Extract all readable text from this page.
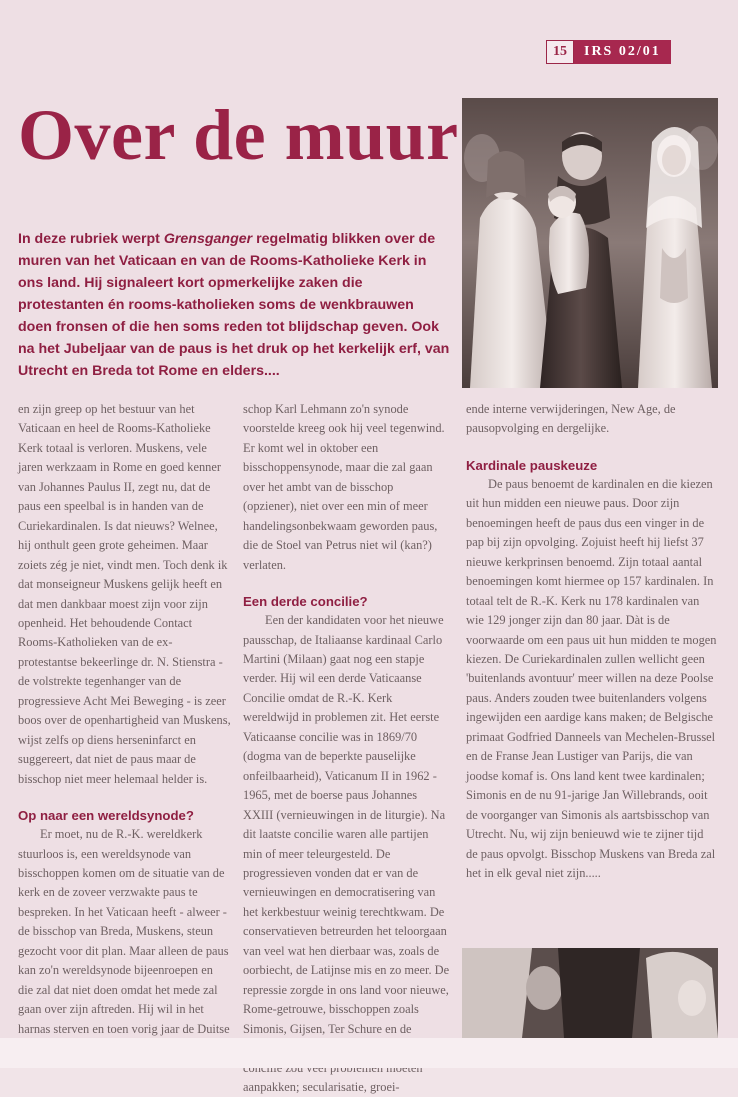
15	IRS 02/01
Over de muur

In deze rubriek werpt Grensganger regelmatig blikken over de muren van het Vaticaan en van de Rooms-Katholieke Kerk in ons land. Hij signaleert kort opmerkelijke zaken die protestanten én rooms-katholieken soms de wenkbrauwen doen fronsen of die hen soms reden tot blijdschap geven. Ook na het Jubeljaar van de paus is het druk op het kerkelijk erf, van Utrecht en Breda tot Rome en elders....

en zijn greep op het bestuur van het Vaticaan en heel de Rooms-Katholieke Kerk totaal is verloren. Muskens, vele jaren werkzaam in Rome en goed kenner van Johannes Paulus II, zegt nu, dat de paus een speelbal is in handen van de Curiekardinalen. Is dat nieuws? Welnee, hij onthult geen grote geheimen. Maar zoiets zég je niet, vindt men. Toch denk ik dat monseigneur Muskens gelijk heeft en dat men dankbaar moest zijn voor zijn openheid. Het behoudende Contact Rooms-Katholieken van de ex-protestantse bekeerlinge dr. N. Stienstra - de volstrekte tegenhanger van de progressieve Acht Mei Beweging - is zeer boos over de openhartigheid van Muskens, wijst zelfs op diens herseninfarct en suggereert, dat niet de paus maar de bisschop niet meer helemaal helder is.

Op naar een wereldsynode?

Er moet, nu de R.-K. wereldkerk stuurloos is, een wereldsynode van bisschoppen komen om de situatie van de kerk en de zoveer verzwakte paus te bespreken. In het Vaticaan heeft - alweer - de bisschop van Breda, Muskens, steun gezocht voor dit plan. Maar alleen de paus kan zo'n wereldsynode bijeenroepen en die zal dat niet doen omdat het mede zal gaan over zijn aftreden. Hij wil in het harnas sterven en toen vorig jaar de Duitse

schop Karl Lehmann zo'n synode voorstelde kreeg ook hij veel tegenwind. Er komt wel in oktober een bisschoppensynode, maar die zal gaan over het ambt van de bisschop (opziener), niet over een min of meer handelingsonbekwaam geworden paus, die de Stoel van Petrus niet wil (kan?) verlaten.

Een derde concilie?

Een der kandidaten voor het nieuwe pausschap, de Italiaanse kardinaal Carlo Martini (Milaan) gaat nog een stapje verder. Hij wil een derde Vaticaanse Concilie omdat de R.-K. Kerk wereldwijd in problemen zit. Het eerste Vaticaanse concilie was in 1869/70 (dogma van de beperkte pauselijke onfeilbaarheid), Vaticanum II in 1962 - 1965, met de boerse paus Johannes XXIII (vernieuwingen in de liturgie). Na dit laatste concilie waren alle partijen min of meer teleurgesteld. De progressieven vonden dat er van de vernieuwingen en democratisering van het kerkbestuur weinig terechtkwam. De conservatieven betreurden het teloorgaan van veel wat hen dierbaar was, zoals de oorbiecht, de Latijnse mis en zo meer. De repressie zorgde in ons land voor nieuwe, Rome-getrouwe, bisschoppen zoals Simonis, Gijsen, Ter Schure en de aanpakken; secularisatie, groei-

ende interne verwijderingen, New Age, de pausopvolging en dergelijke.

Kardinale pauskeuze

De paus benoemt de kardinalen en die kiezen uit hun midden een nieuwe paus. Door zijn benoemingen heeft de paus dus een vinger in de pap bij zijn opvolging. Zojuist heeft hij liefst 37 nieuwe kerkprinsen benoemd. Zijn totaal aantal benoemingen komt hiermee op 157 kardinalen. In totaal telt de R.-K. Kerk nu 178 kardinalen van wie 129 jonger zijn dan 80 jaar. Dàt is de voorwaarde om een paus uit hun midden te mogen kiezen. De Curiekardinalen zullen wellicht geen 'buitenlands avontuur' meer willen na deze Poolse paus. Anders zouden twee buitenlanders volgens ingewijden een aardige kans maken; de Belgische primaat Godfried Danneels van Mechelen-Brussel en de Franse Jean Lustiger van Parijs, die van joodse komaf is. Ons land kent twee kardinalen; Simonis en de nu 91-jarige Jan Willebrands, ooit de voorganger van Simonis als aartsbisschop van Utrecht. Nu, wij zijn benieuwd wie te zijner tijd de paus opvolgt. Bisschop Muskens van Breda zal het in elk geval niet zijn.....
